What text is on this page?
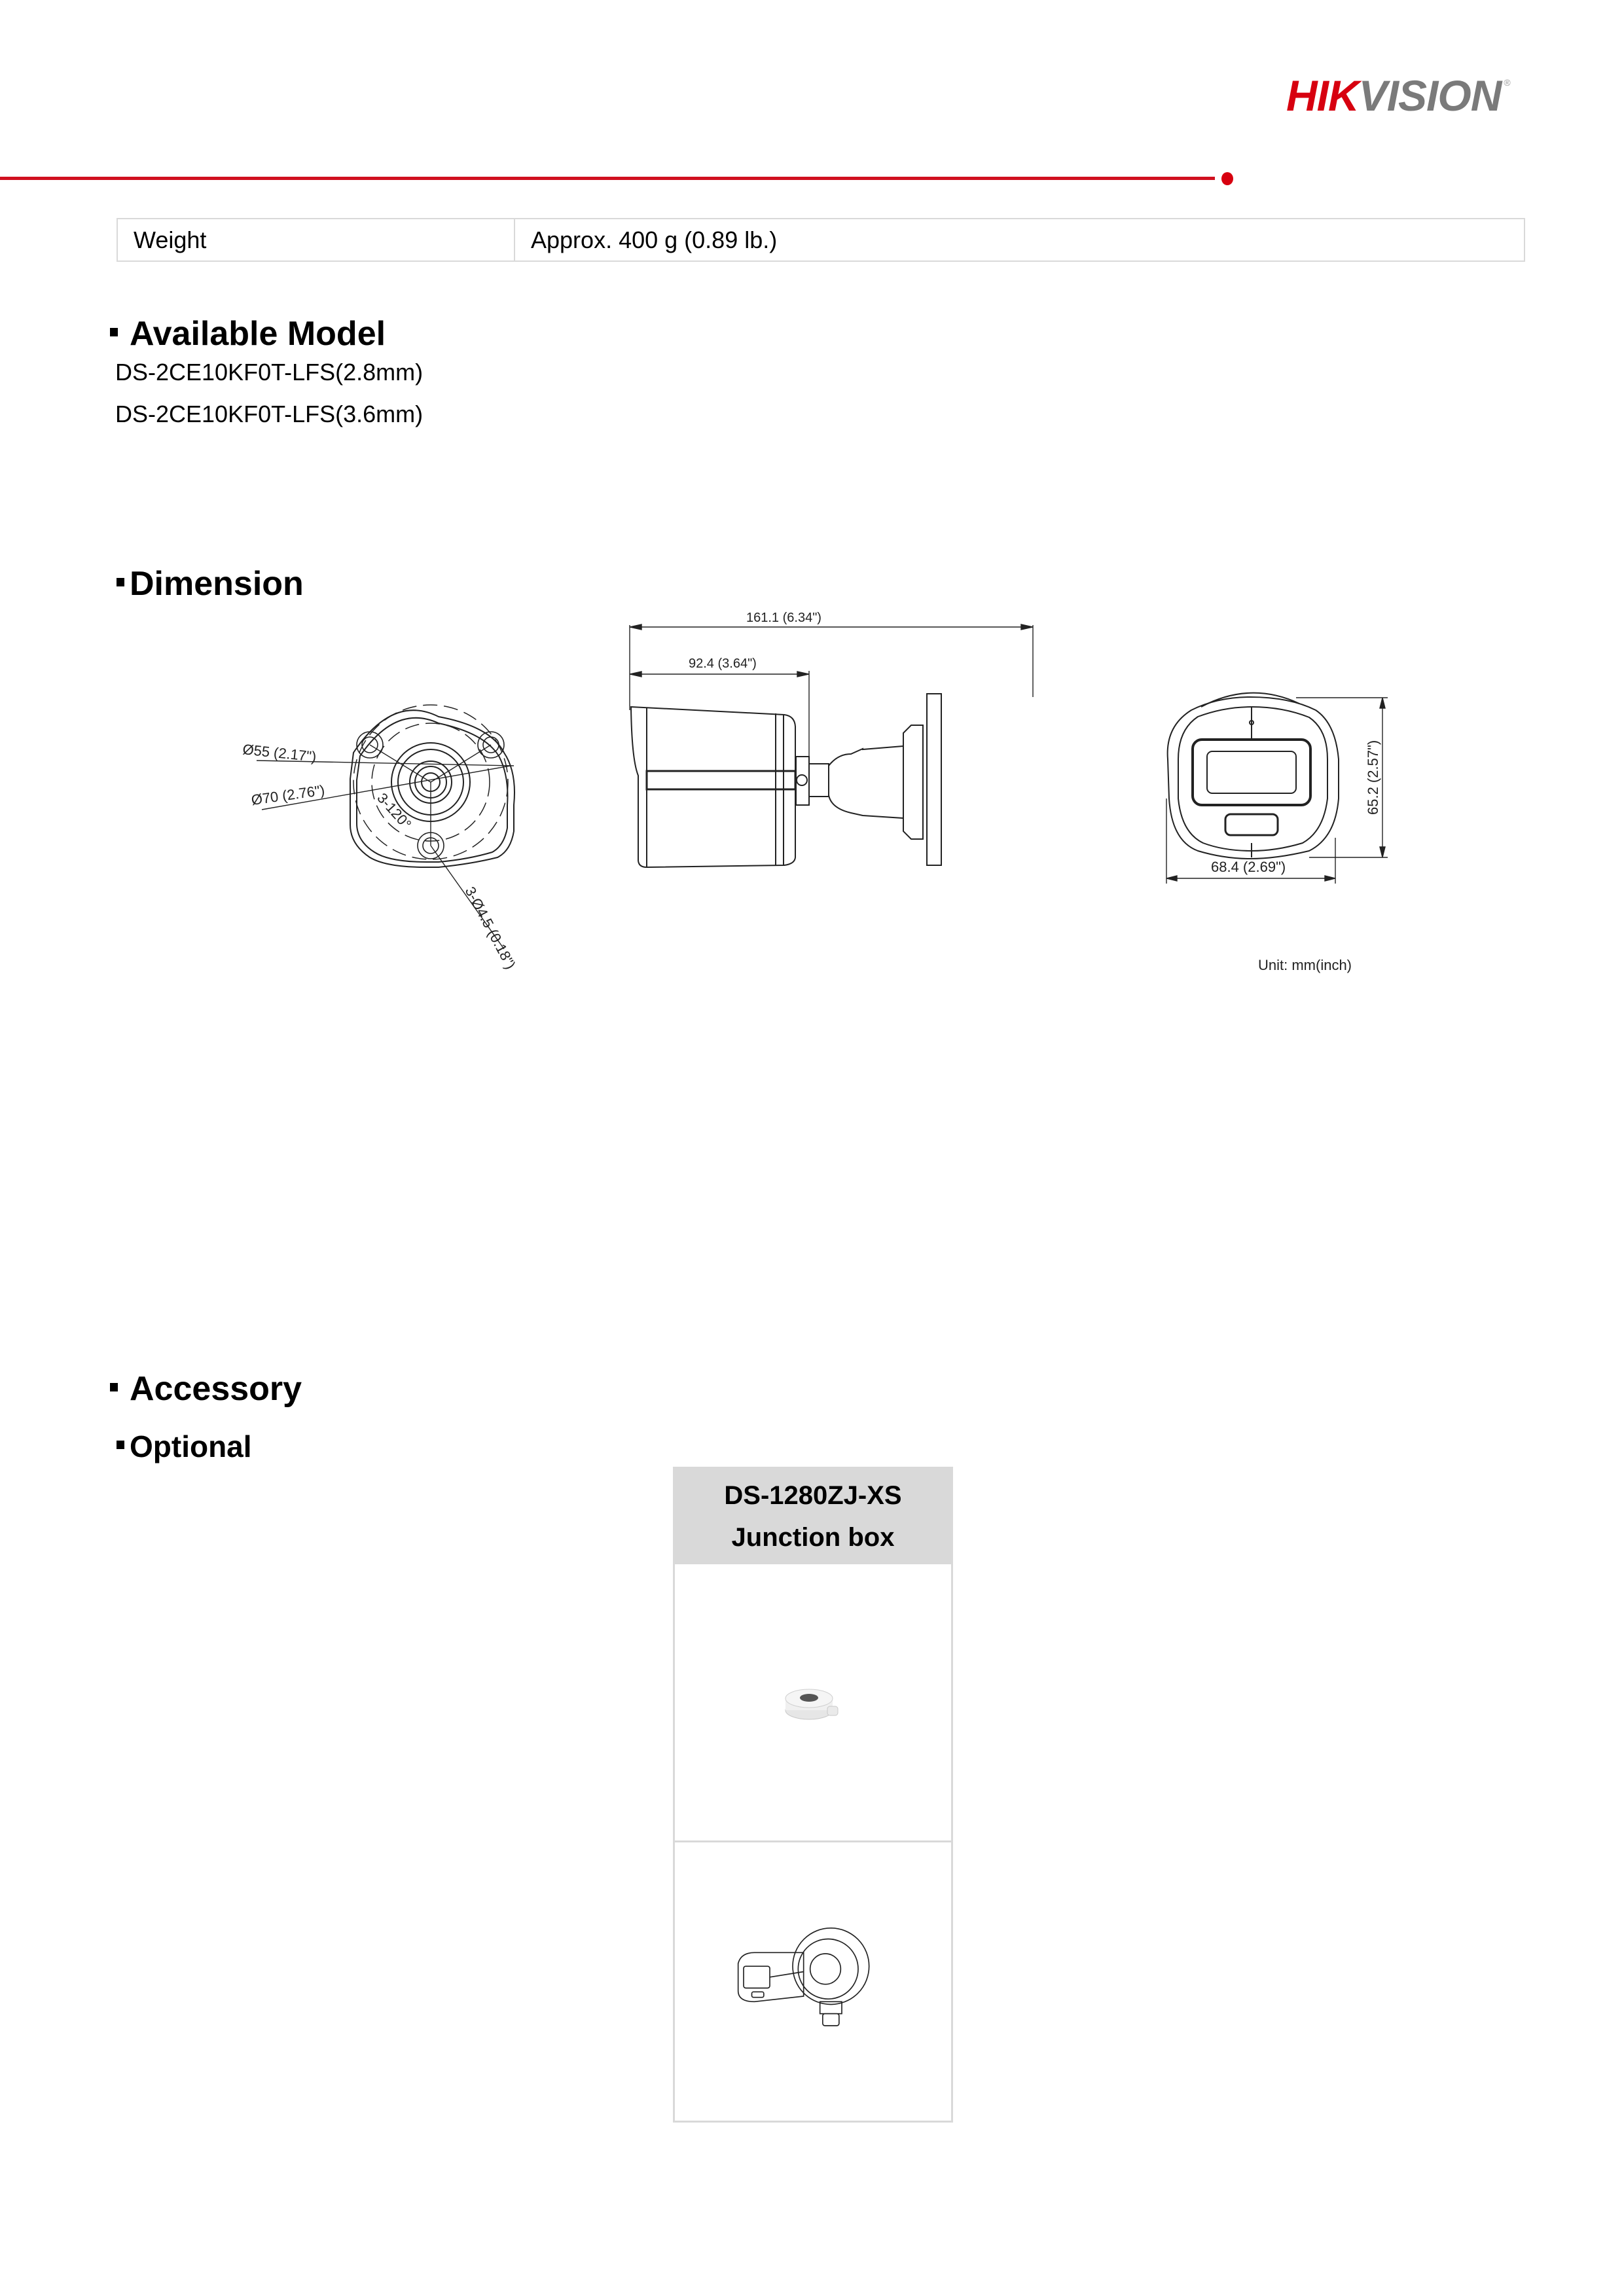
HIKVISION ®
Weight	Approx. 400 g (0.89 lb.)
Available Model
DS-2CE10KF0T-LFS(2.8mm)
DS-2CE10KF0T-LFS(3.6mm)
Dimension
Ø55 (2.17")
Ø70 (2.76")	3-120°
3-Ø4.5 (0.18")
161.1 (6.34")
92.4 (3.64")
68.4 (2.69")
65.2 (2.57")
Unit: mm(inch)
Accessory
Optional
DS-1280ZJ-XS
Junction box
